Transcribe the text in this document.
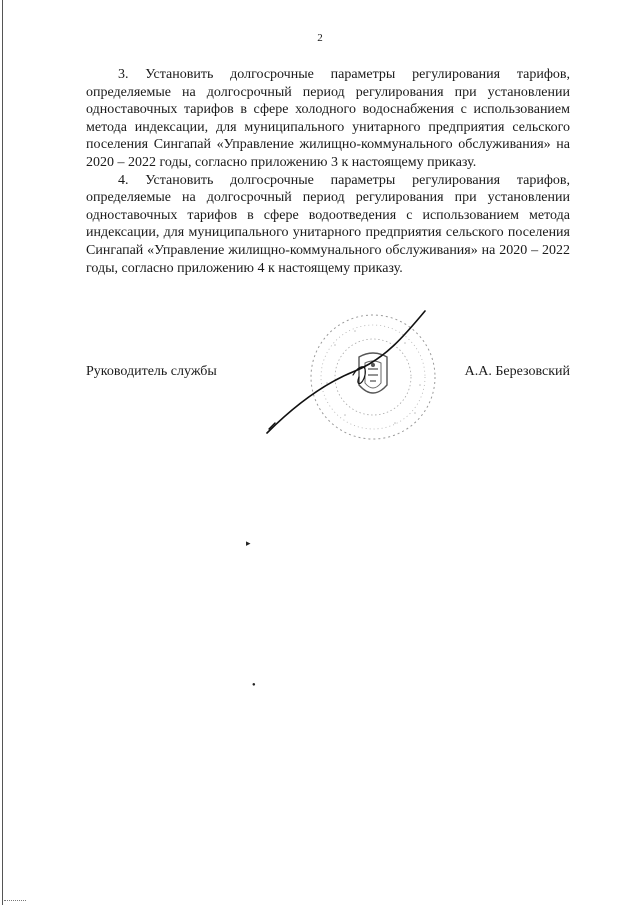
2

3. Установить долгосрочные параметры регулирования тарифов, определяемые на долгосрочный период регулирования при установлении одноставочных тарифов в сфере холодного водоснабжения с использованием метода индексации, для муниципального унитарного предприятия сельского поселения Сингапай «Управление жилищно-коммунального обслуживания» на 2020 – 2022 годы, согласно приложению 3 к настоящему приказу.

4. Установить долгосрочные параметры регулирования тарифов, определяемые на долгосрочный период регулирования при установлении одноставочных тарифов в сфере водоотведения с использованием метода индексации, для муниципального унитарного предприятия сельского поселения Сингапай «Управление жилищно-коммунального обслуживания» на 2020 – 2022 годы, согласно приложению 4 к настоящему приказу.

Руководитель службы	А.А. Березовский
▸
●
